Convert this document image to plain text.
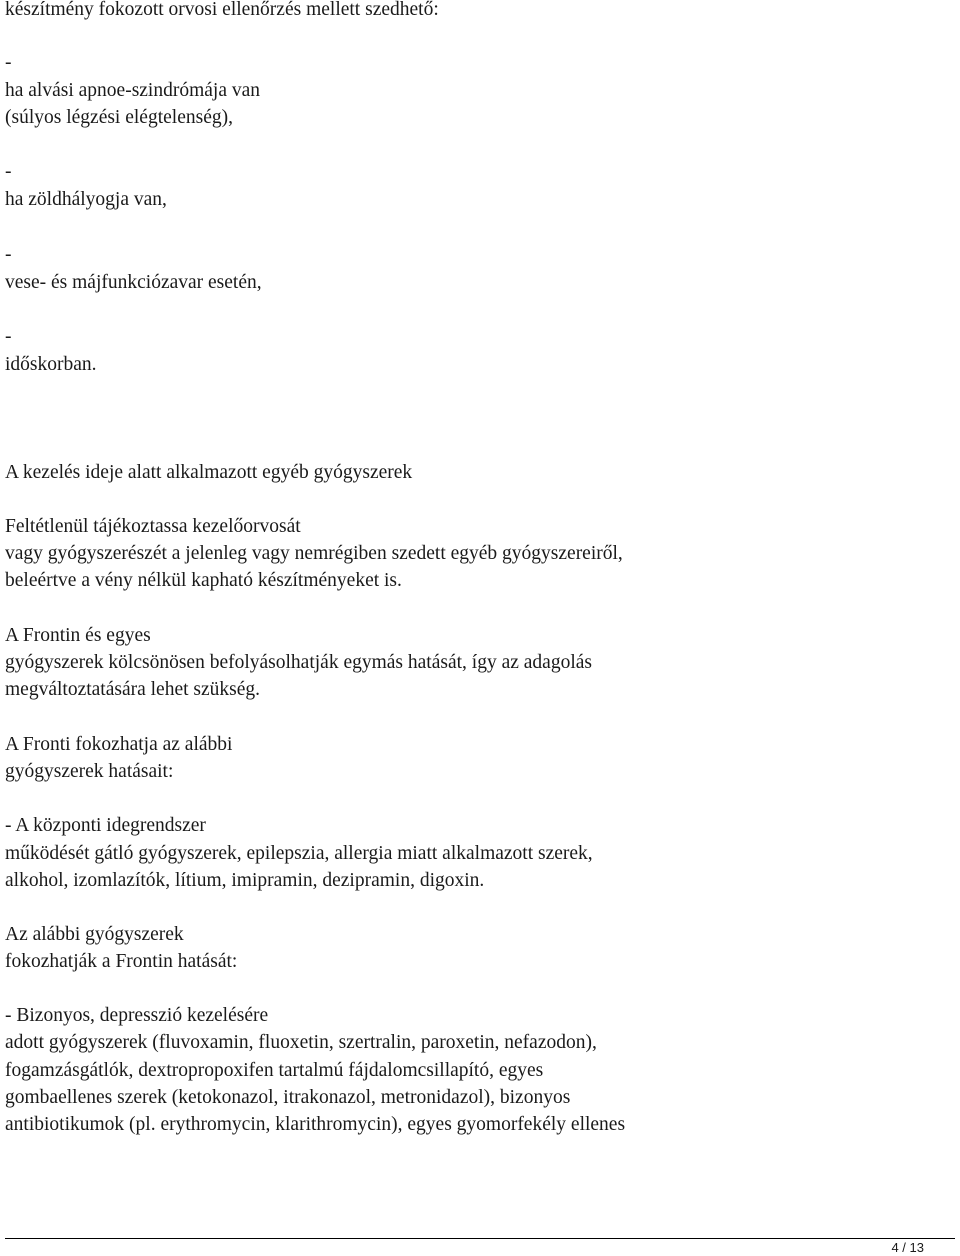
készítmény fokozott orvosi ellenőrzés mellett szedhető:

-

ha alvási apnoe-szindrómája van

(súlyos légzési elégtelenség),

-

ha zöldhályogja van,

-

vese- és májfunkciózavar esetén,

-

időskorban.

A kezelés ideje alatt alkalmazott egyéb gyógyszerek

Feltétlenül tájékoztassa kezelőorvosát

vagy gyógyszerészét a jelenleg vagy nemrégiben szedett egyéb gyógyszereiről,

beleértve a vény nélkül kapható készítményeket is.

A Frontin és egyes

gyógyszerek kölcsönösen befolyásolhatják egymás hatását, így az adagolás

megváltoztatására lehet szükség.

A Fronti fokozhatja az alábbi

gyógyszerek hatásait:

- A központi idegrendszer

működését gátló gyógyszerek, epilepszia, allergia miatt alkalmazott szerek,

alkohol, izomlazítók, lítium, imipramin, dezipramin, digoxin.

Az alábbi gyógyszerek

fokozhatják a Frontin hatását:

- Bizonyos, depresszió kezelésére

adott gyógyszerek (fluvoxamin, fluoxetin, szertralin, paroxetin, nefazodon),

fogamzásgátlók, dextropropoxifen tartalmú fájdalomcsillapító, egyes

gombaellenes szerek (ketokonazol, itrakonazol, metronidazol), bizonyos

antibiotikumok (pl. erythromycin, klarithromycin), egyes gyomorfekély ellenes

4 / 13
